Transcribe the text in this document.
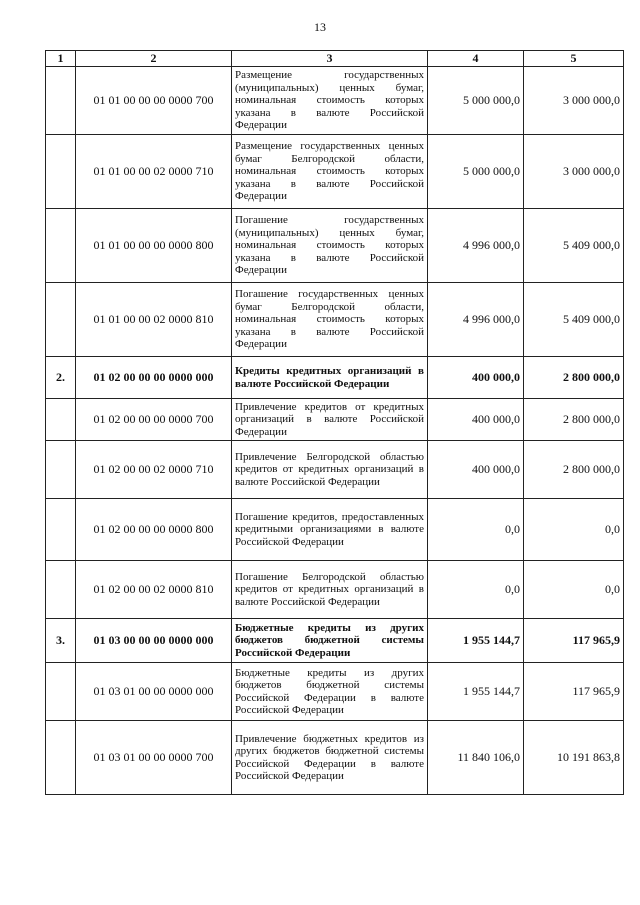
13
1	2	3	4	5
	01 01 00 00 00 0000 700	Размещение государственных (муниципальных) ценных бумаг, номинальная стоимость которых указана в валюте Российской Федерации	5 000 000,0	3 000 000,0
	01 01 00 00 02 0000 710	Размещение государственных ценных бумаг Белгородской области, номинальная стоимость которых указана в валюте Российской Федерации	5 000 000,0	3 000 000,0
	01 01 00 00 00 0000 800	Погашение государственных (муниципальных) ценных бумаг, номинальная стоимость которых указана в валюте Российской Федерации	4 996 000,0	5 409 000,0
	01 01 00 00 02 0000 810	Погашение государственных ценных бумаг Белгородской области, номинальная стоимость которых указана в валюте Российской Федерации	4 996 000,0	5 409 000,0
2.	01 02 00 00 00 0000 000	Кредиты кредитных организаций в валюте Российской Федерации	400 000,0	2 800 000,0
	01 02 00 00 00 0000 700	Привлечение кредитов от кредитных организаций в валюте Российской Федерации	400 000,0	2 800 000,0
	01 02 00 00 02 0000 710	Привлечение Белгородской областью кредитов от кредитных организаций в валюте Российской Федерации	400 000,0	2 800 000,0
	01 02 00 00 00 0000 800	Погашение кредитов, предоставленных кредитными организациями в валюте Российской Федерации	0,0	0,0
	01 02 00 00 02 0000 810	Погашение Белгородской областью кредитов от кредитных организаций в валюте Российской Федерации	0,0	0,0
3.	01 03 00 00 00 0000 000	Бюджетные кредиты из других бюджетов бюджетной системы Российской Федерации	1 955 144,7	117 965,9
	01 03 01 00 00 0000 000	Бюджетные кредиты из других бюджетов бюджетной системы Российской Федерации в валюте Российской Федерации	1 955 144,7	117 965,9
	01 03 01 00 00 0000 700	Привлечение бюджетных кредитов из других бюджетов бюджетной системы Российской Федерации в валюте Российской Федерации	11 840 106,0	10 191 863,8
